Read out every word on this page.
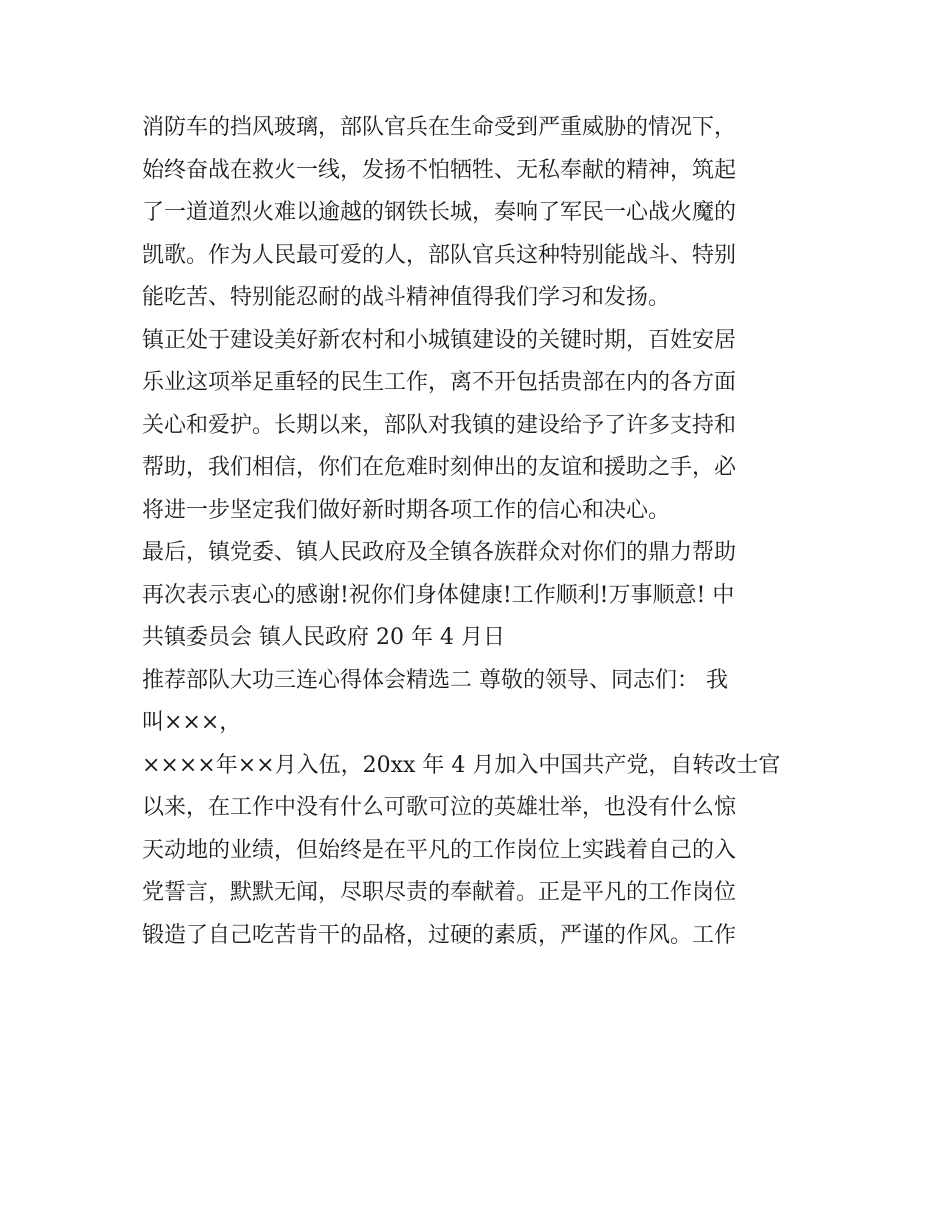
消防车的挡风玻璃，部队官兵在生命受到严重威胁的情况下，
始终奋战在救火一线，发扬不怕牺牲、无私奉献的精神，筑起
了一道道烈火难以逾越的钢铁长城，奏响了军民一心战火魔的
凯歌。作为人民最可爱的人，部队官兵这种特别能战斗、特别
能吃苦、特别能忍耐的战斗精神值得我们学习和发扬。
镇正处于建设美好新农村和小城镇建设的关键时期，百姓安居
乐业这项举足重轻的民生工作，离不开包括贵部在内的各方面
关心和爱护。长期以来，部队对我镇的建设给予了许多支持和
帮助，我们相信，你们在危难时刻伸出的友谊和援助之手，必
将进一步坚定我们做好新时期各项工作的信心和决心。
最后，镇党委、镇人民政府及全镇各族群众对你们的鼎力帮助
再次表示衷心的感谢!祝你们身体健康!工作顺利!万事顺意! 中
共镇委员会 镇人民政府 20 年 4 月日
推荐部队大功三连心得体会精选二 尊敬的领导、同志们： 我
叫×××，
××××年××月入伍，20xx 年 4 月加入中国共产党，自转改士官
以来，在工作中没有什么可歌可泣的英雄壮举，也没有什么惊
天动地的业绩，但始终是在平凡的工作岗位上实践着自己的入
党誓言，默默无闻，尽职尽责的奉献着。正是平凡的工作岗位
锻造了自己吃苦肯干的品格，过硬的素质，严谨的作风。工作
